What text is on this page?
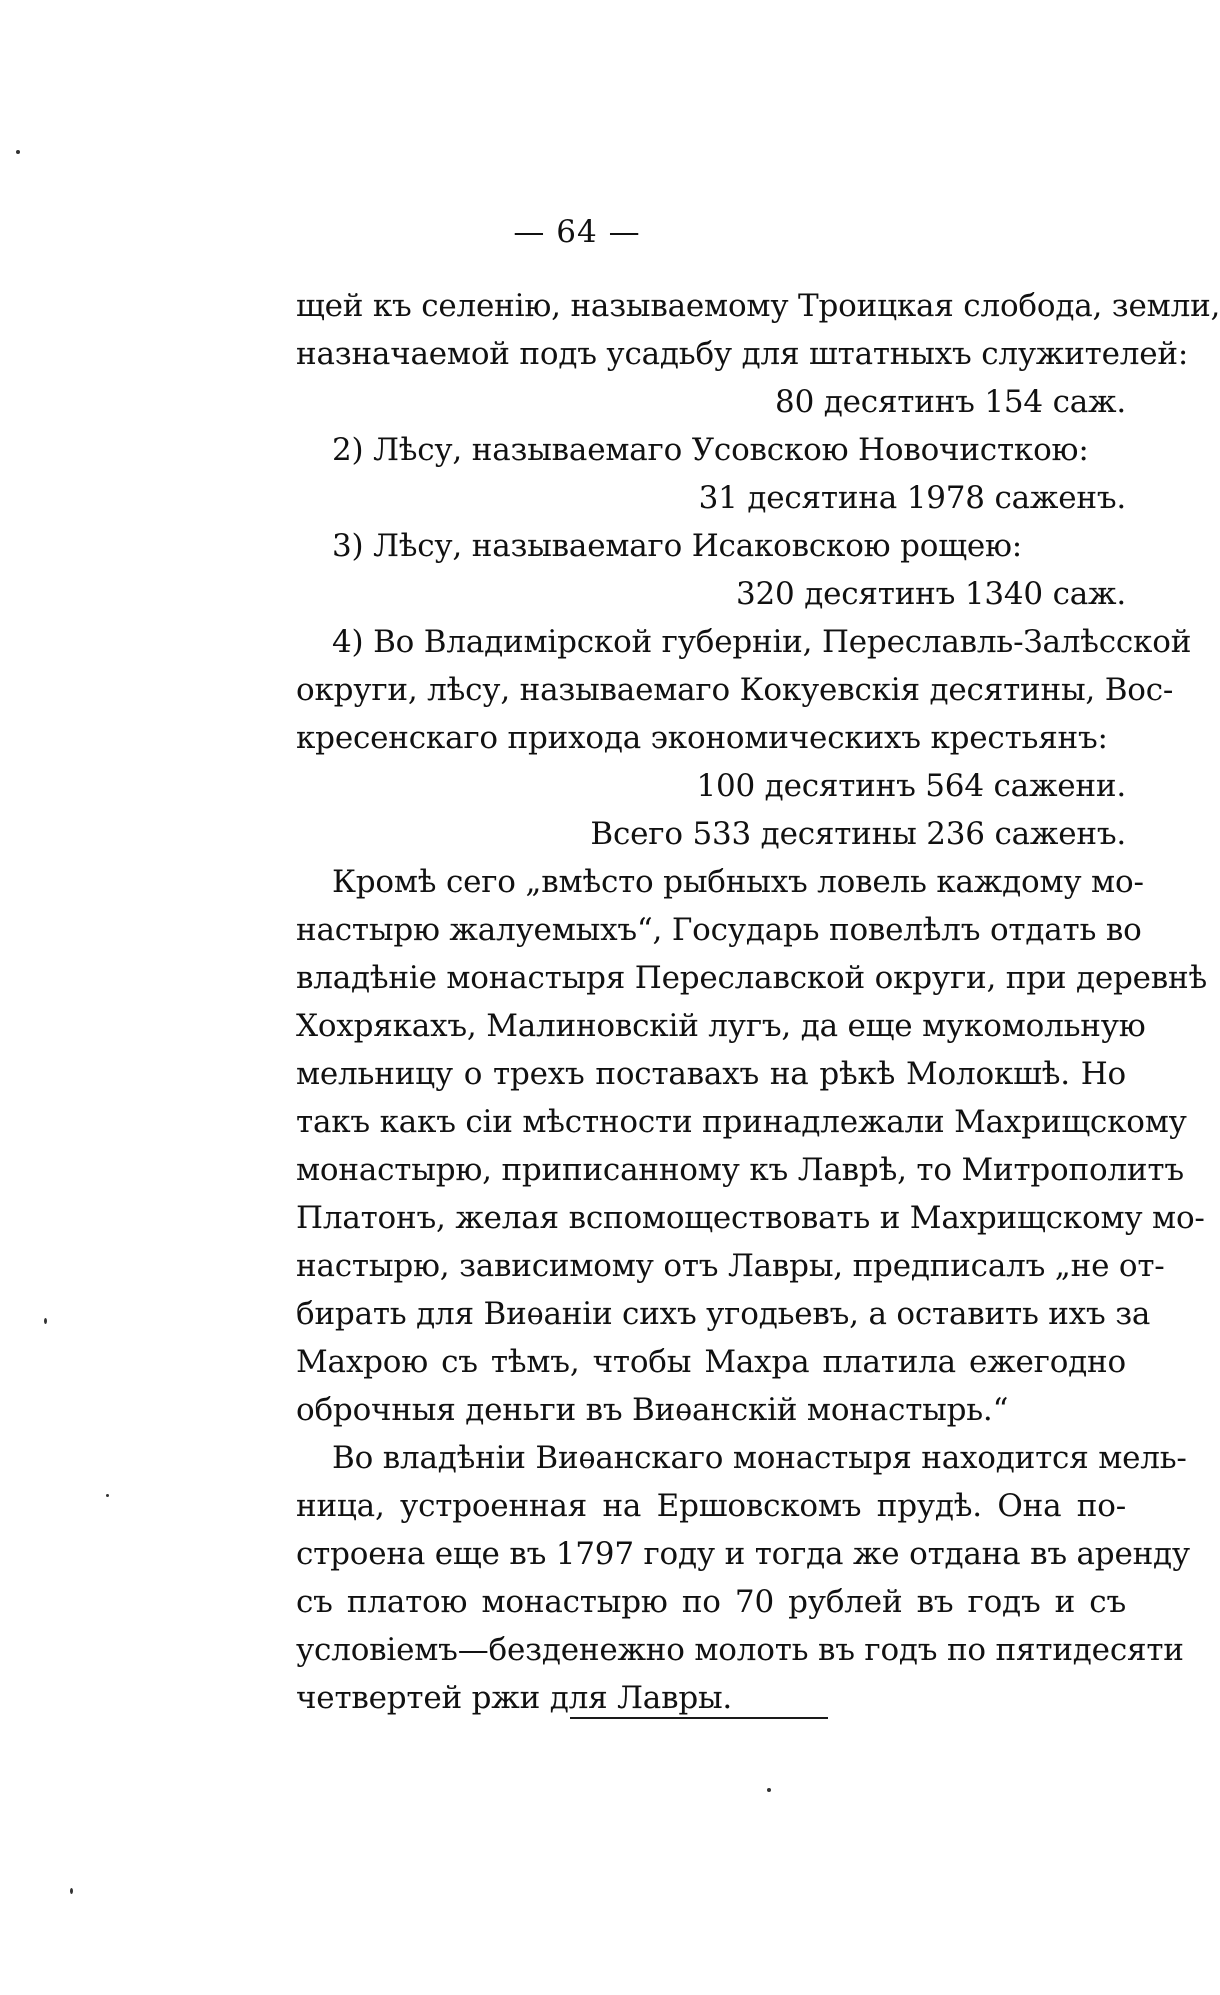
— 64 —
щей къ селенію, называемому Троицкая слобода, земли,
назначаемой подъ усадьбу для штатныхъ служителей:
80 десятинъ 154 саж.
2) Лѣсу, называемаго Усовскою Новочисткою:
31 десятина 1978 саженъ.
3) Лѣсу, называемаго Исаковскою рощею:
320 десятинъ 1340 саж.
4) Во Владимірской губерніи, Переславль-Залѣсской
округи, лѣсу, называемаго Кокуевскія десятины, Вос-
кресенскаго прихода экономическихъ крестьянъ:
100 десятинъ 564 сажени.
Всего 533 десятины 236 саженъ.
Кромѣ сего „вмѣсто рыбныхъ ловель каждому мо-
настырю жалуемыхъ“, Государь повелѣлъ отдать во
владѣніе монастыря Переславской округи, при деревнѣ
Хохрякахъ, Малиновскій лугъ, да еще мукомольную
мельницу о трехъ поставахъ на рѣкѣ Молокшѣ. Но
такъ какъ сіи мѣстности принадлежали Махрищскому
монастырю, приписанному къ Лаврѣ, то Митрополитъ
Платонъ, желая вспомоществовать и Махрищскому мо-
настырю, зависимому отъ Лавры, предписалъ „не от-
бирать для Виѳаніи сихъ угодьевъ, а оставить ихъ за
Махрою съ тѣмъ, чтобы Махра платила ежегодно
оброчныя деньги въ Виѳанскій монастырь.“
Во владѣніи Виѳанскаго монастыря находится мель-
ница, устроенная на Ершовскомъ прудѣ. Она по-
строена еще въ 1797 году и тогда же отдана въ аренду
съ платою монастырю по 70 рублей въ годъ и съ
условіемъ—безденежно молоть въ годъ по пятидесяти
четвертей ржи для Лавры.
